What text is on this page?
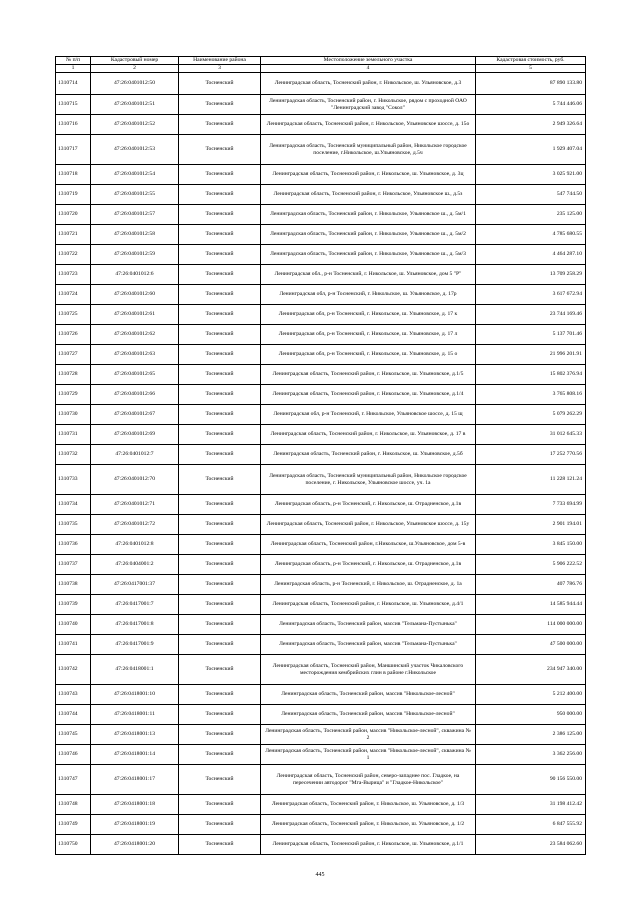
№ п/п	Кадастровый номер	Наименование района	Местоположение земельного участка	Кадастровая стоимость, руб.
1	2	3	4	5
1310714	47:26:0401012:50	Тосненский	Ленинградская область, Тосненский район, г. Никольское, ш. Ульяновское, д.3	87 890 133.80
1310715	47:26:0401012:51	Тосненский	Ленинградская область, Тосненский район, г. Никольское, рядом с проходной ОАО "Ленинградский завод "Сокол"	5 744 446.06
1310716	47:26:0401012:52	Тосненский	Ленинградская область, Тосненский район, г. Никольское, Ульяновское шоссе, д. 15о	2 949 326.64
1310717	47:26:0401012:53	Тосненский	Ленинградская область, Тосненский муниципальный район, Никольское городское поселение, г.Никольское, ш.Ульяновское, д.5ч	1 929 407.04
1310718	47:26:0401012:54	Тосненский	Ленинградская область, Тосненский район, г. Никольское, ш. Ульяновское, д. 3ц	3 025 921.00
1310719	47:26:0401012:55	Тосненский	Ленинградская область, Тосненский район, г. Никольское, Ульяновское ш., д.5з	547 744.50
1310720	47:26:0401012:57	Тосненский	Ленинградская область, Тосненский район, г. Никольское, Ульяновское ш., д. 5м/1	235 125.00
1310721	47:26:0401012:58	Тосненский	Ленинградская область, Тосненский район, г. Никольское, Ульяновское ш., д. 5м/2	4 785 680.55
1310722	47:26:0401012:59	Тосненский	Ленинградская область, Тосненский район, г. Никольское, Ульяновское ш., д. 5м/3	4 464 287.10
1310723	47:26:0401012:6	Тосненский	Ленинградская обл., р-н Тосненский, г. Никольское, ш. Ульяновское, дом 5 "Р"	13 709 258.29
1310724	47:26:0401012:60	Тосненский	Ленинградская обл, р-н Тосненский, г. Никольское, ш. Ульяновское, д. 17р	3 617 672.94
1310725	47:26:0401012:61	Тосненский	Ленинградская обл, р-н Тосненский, г. Никольское, ш. Ульяновское, д. 17 к	23 744 169.46
1310726	47:26:0401012:62	Тосненский	Ленинградская обл, р-н Тосненский, г. Никольское, ш. Ульяновское, д. 17 л	5 137 701.46
1310727	47:26:0401012:63	Тосненский	Ленинградская обл, р-н Тосненский, г. Никольское, ш. Ульяновское, д. 15 о	21 996 201.91
1310728	47:26:0401012:65	Тосненский	Ленинградская область, Тосненский район, г. Никольское, ш. Ульяновское, д.1/5	15 802 376.94
1310729	47:26:0401012:66	Тосненский	Ленинградская область, Тосненский район, г. Никольское, ш. Ульяновское, д.1/4	3 765 808.16
1310730	47:26:0401012:67	Тосненский	Ленинградская обл, р-н Тосненский, г. Никольское, Ульяновское шоссе, д. 15 щ	5 079 262.29
1310731	47:26:0401012:69	Тосненский	Ленинградская область, Тосненский район, г. Никольское, ш. Ульяновское, д. 17 в	31 012 645.33
1310732	47:26:0401012:7	Тосненский	Ленинградская область, Тосненский район, г. Никольское, ш. Ульяновское, д.5б	17 252 770.56
1310733	47:26:0401012:70	Тосненский	Ленинградская область, Тосненский муниципальный район, Никольское городское поселение, г. Никольское, Ульяновское шоссе, уч. 1а	11 228 121.24
1310734	47:26:0401012:71	Тосненский	Ленинградская область, р-н Тосненский, г. Никольское, ш. Отрадненское, д.1в	7 733 694.99
1310735	47:26:0401012:72	Тосненский	Ленинградская область, Тосненский район, г. Никольское, Ульяновское шоссе, д. 15у	2 901 194.01
1310736	47:26:0401012:8	Тосненский	Ленинградская область, Тосненский район, г.Никольское, ш.Ульяновское, дом 5-в	3 845 150.00
1310737	47:26:0404001:2	Тосненский	Ленинградская область, р-н Тосненский, г. Никольское, ш. Отрадненское, д.1в	5 906 222.52
1310738	47:26:0417001:37	Тосненский	Ленинградская область, р-н Тосненский, г. Никольское, ш. Отрадненское, д. 1а	407 786.76
1310739	47:26:0417001:7	Тосненский	Ленинградская область, Тосненский район, г. Никольское, ш. Ульяновское, д.4/1	14 585 944.44
1310740	47:26:0417001:8	Тосненский	Ленинградская область, Тосненский район, массив "Тельмана-Пустынька"	114 000 000.00
1310741	47:26:0417001:9	Тосненский	Ленинградская область, Тосненский район, массив "Тельмана-Пустынька"	47 500 000.00
1310742	47:26:0418001:1	Тосненский	Ленинградская область, Тосненский район, Маншинский участок Чикаловского месторождения кембрийских глин в районе г.Никольское	234 947 340.00
1310743	47:26:0418001:10	Тосненский	Ленинградская область, Тосненский район, массив "Никольское-лесной"	5 212 400.00
1310744	47:26:0418001:11	Тосненский	Ленинградская область, Тосненский район, массив "Никольское-лесной"	950 000.00
1310745	47:26:0418001:13	Тосненский	Ленинградская область, Тосненский район, массив "Никольское-лесной", скважина № 2	2 386 125.00
1310746	47:26:0418001:14	Тосненский	Ленинградская область, Тосненский район, массив "Никольское-лесной", скважина № 1	3 362 256.00
1310747	47:26:0418001:17	Тосненский	Ленинградская область, Тосненский район, северо-западнее пос. Гладкое, на пересечении автодорог "Мга-Вырица" и "Гладкое-Никольское"	90 156 550.00
1310748	47:26:0418001:18	Тосненский	Ленинградская область, Тосненский район, г. Никольское, ш. Ульяновское, д. 1/3	31 198 412.42
1310749	47:26:0418001:19	Тосненский	Ленинградская область, Тосненский район, г. Никольское, ш. Ульяновское, д. 1/2	6 847 555.92
1310750	47:26:0418001:20	Тосненский	Ленинградская область, Тосненский район, г. Никольское, ш. Ульяновское, д.1/1	23 584 062.60
445
